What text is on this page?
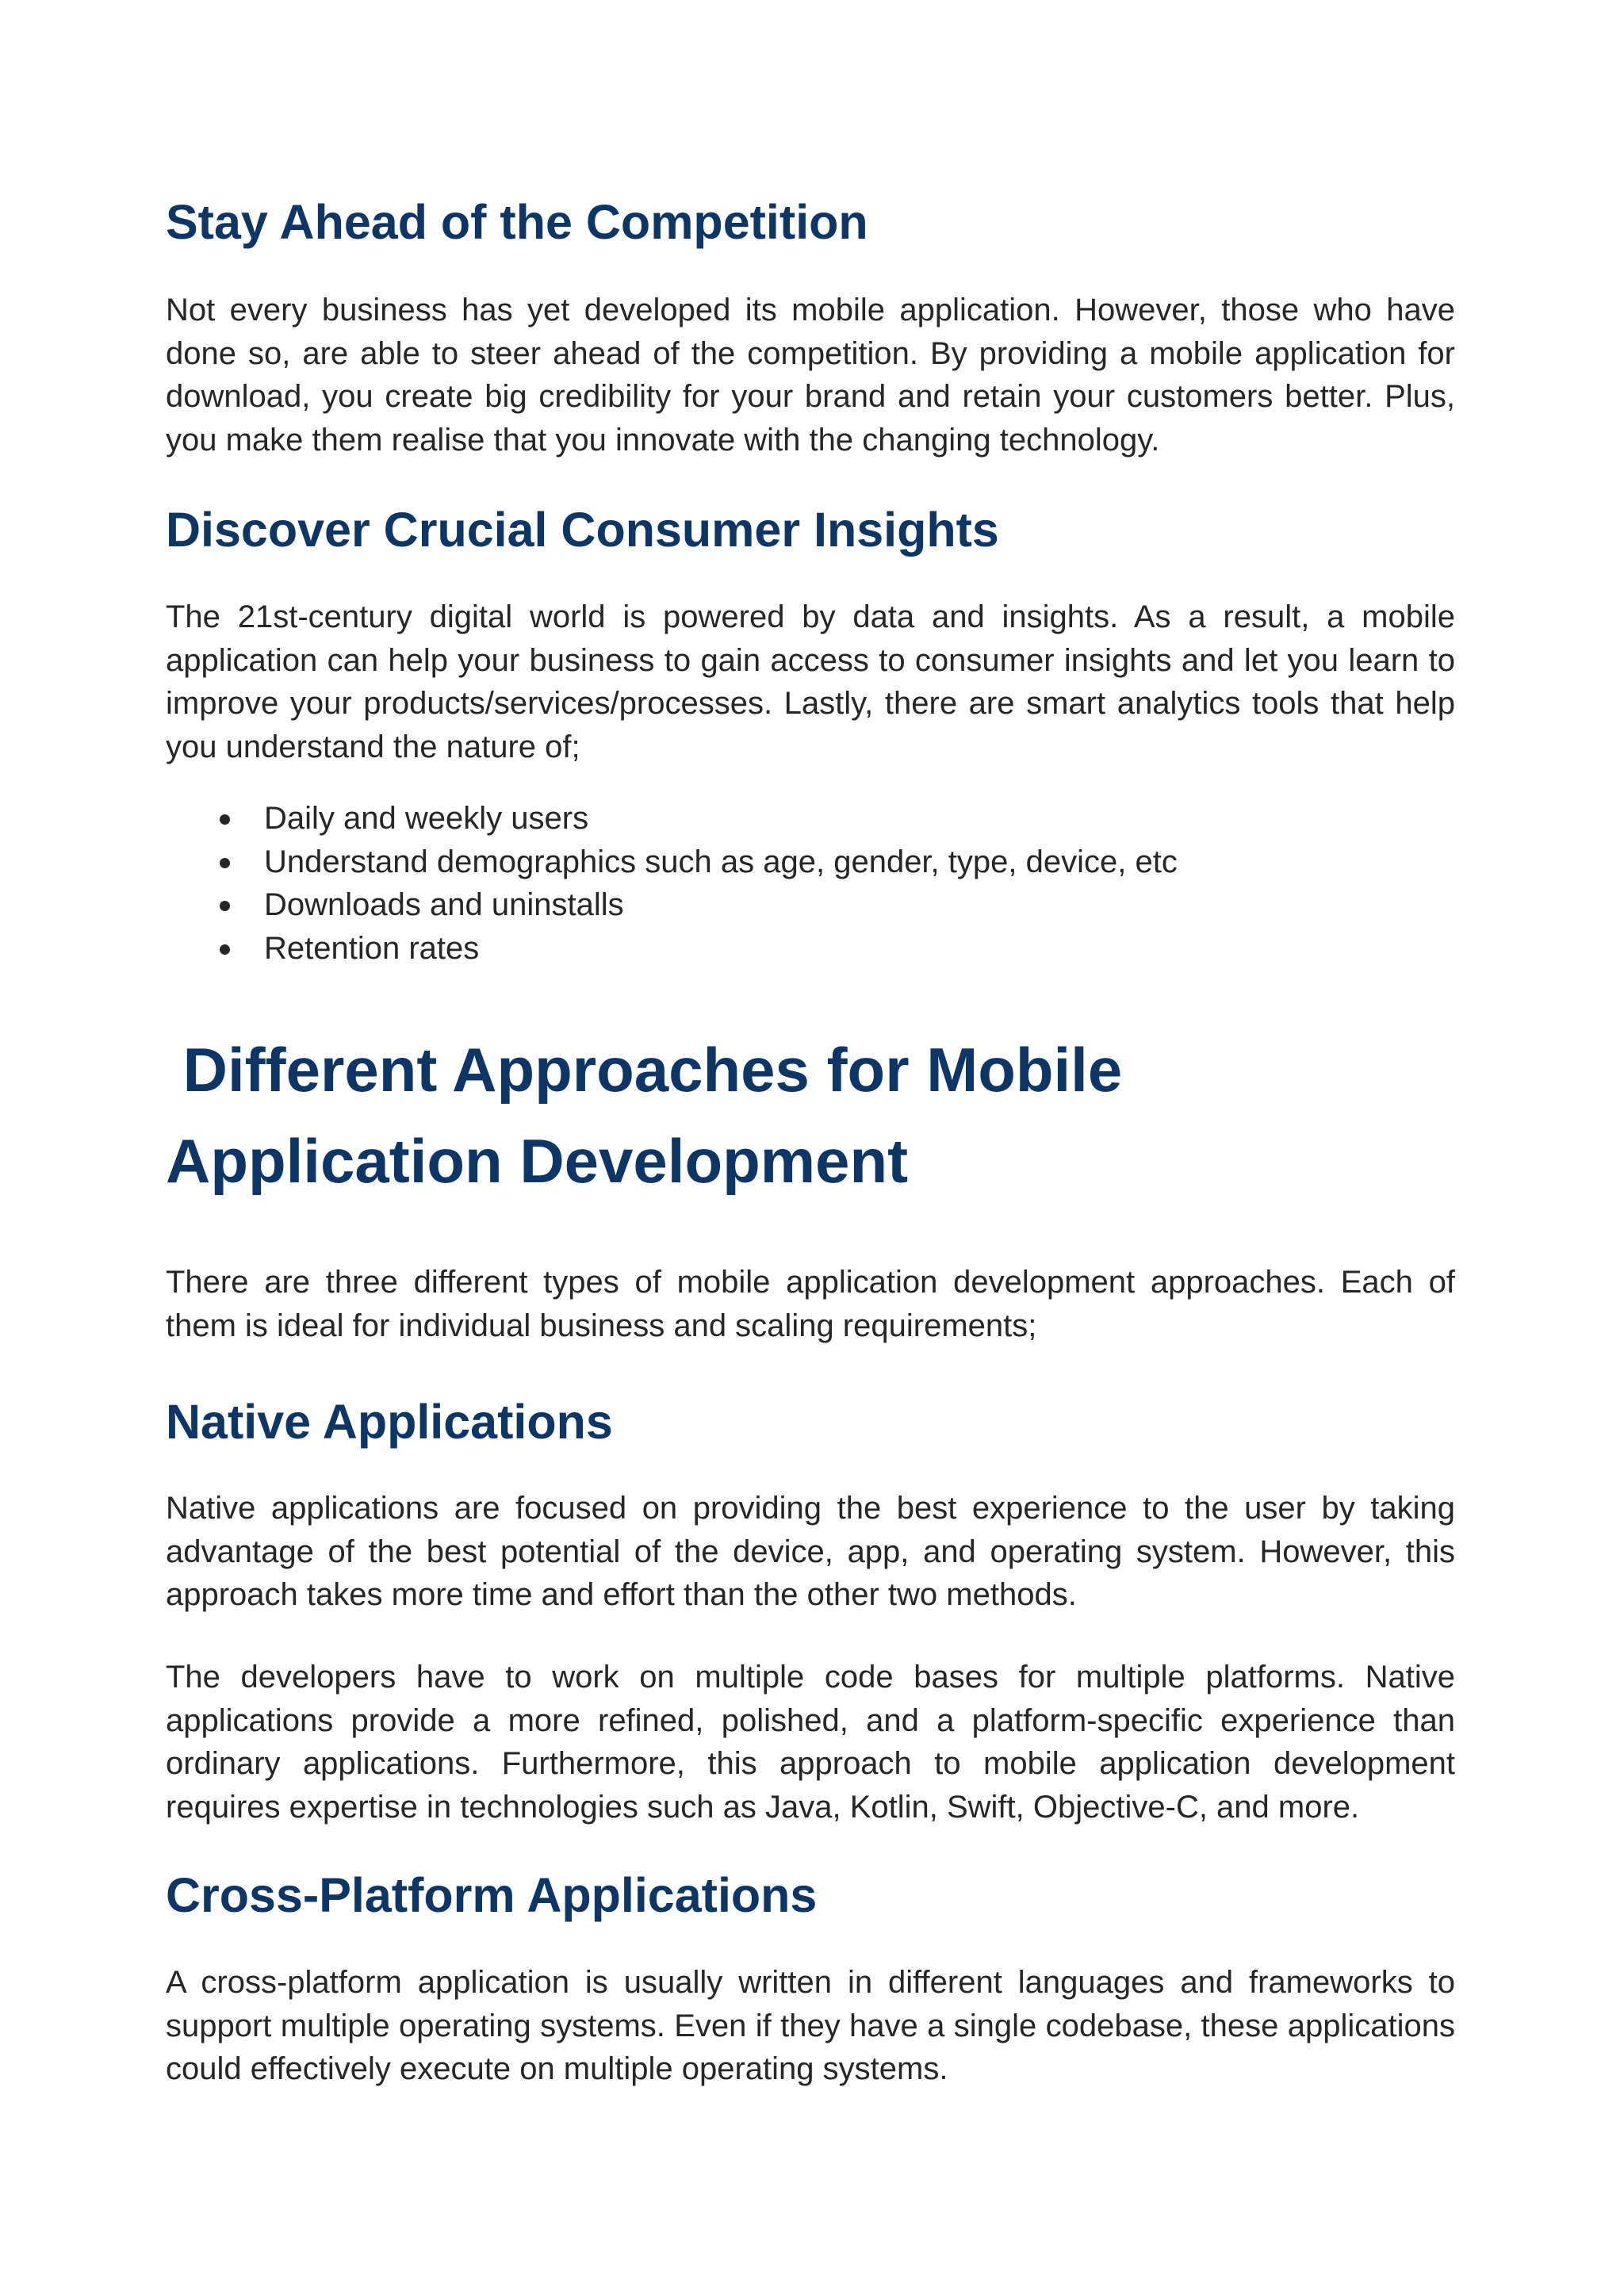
Stay Ahead of the Competition

Not every business has yet developed its mobile application. However, those who have done so, are able to steer ahead of the competition. By providing a mobile application for download, you create big credibility for your brand and retain your customers better. Plus, you make them realise that you innovate with the changing technology.

Discover Crucial Consumer Insights

The 21st-century digital world is powered by data and insights. As a result, a mobile application can help your business to gain access to consumer insights and let you learn to improve your products/services/processes. Lastly, there are smart analytics tools that help you understand the nature of;

Daily and weekly users
Understand demographics such as age, gender, type, device, etc
Downloads and uninstalls
Retention rates
Different Approaches for Mobile
Application Development

There are three different types of mobile application development approaches. Each of them is ideal for individual business and scaling requirements;

Native Applications

Native applications are focused on providing the best experience to the user by taking advantage of the best potential of the device, app, and operating system. However, this approach takes more time and effort than the other two methods.

The developers have to work on multiple code bases for multiple platforms. Native applications provide a more refined, polished, and a platform-specific experience than ordinary applications. Furthermore, this approach to mobile application development requires expertise in technologies such as Java, Kotlin, Swift, Objective-C, and more.

Cross-Platform Applications

A cross-platform application is usually written in different languages and frameworks to support multiple operating systems. Even if they have a single codebase, these applications could effectively execute on multiple operating systems.
